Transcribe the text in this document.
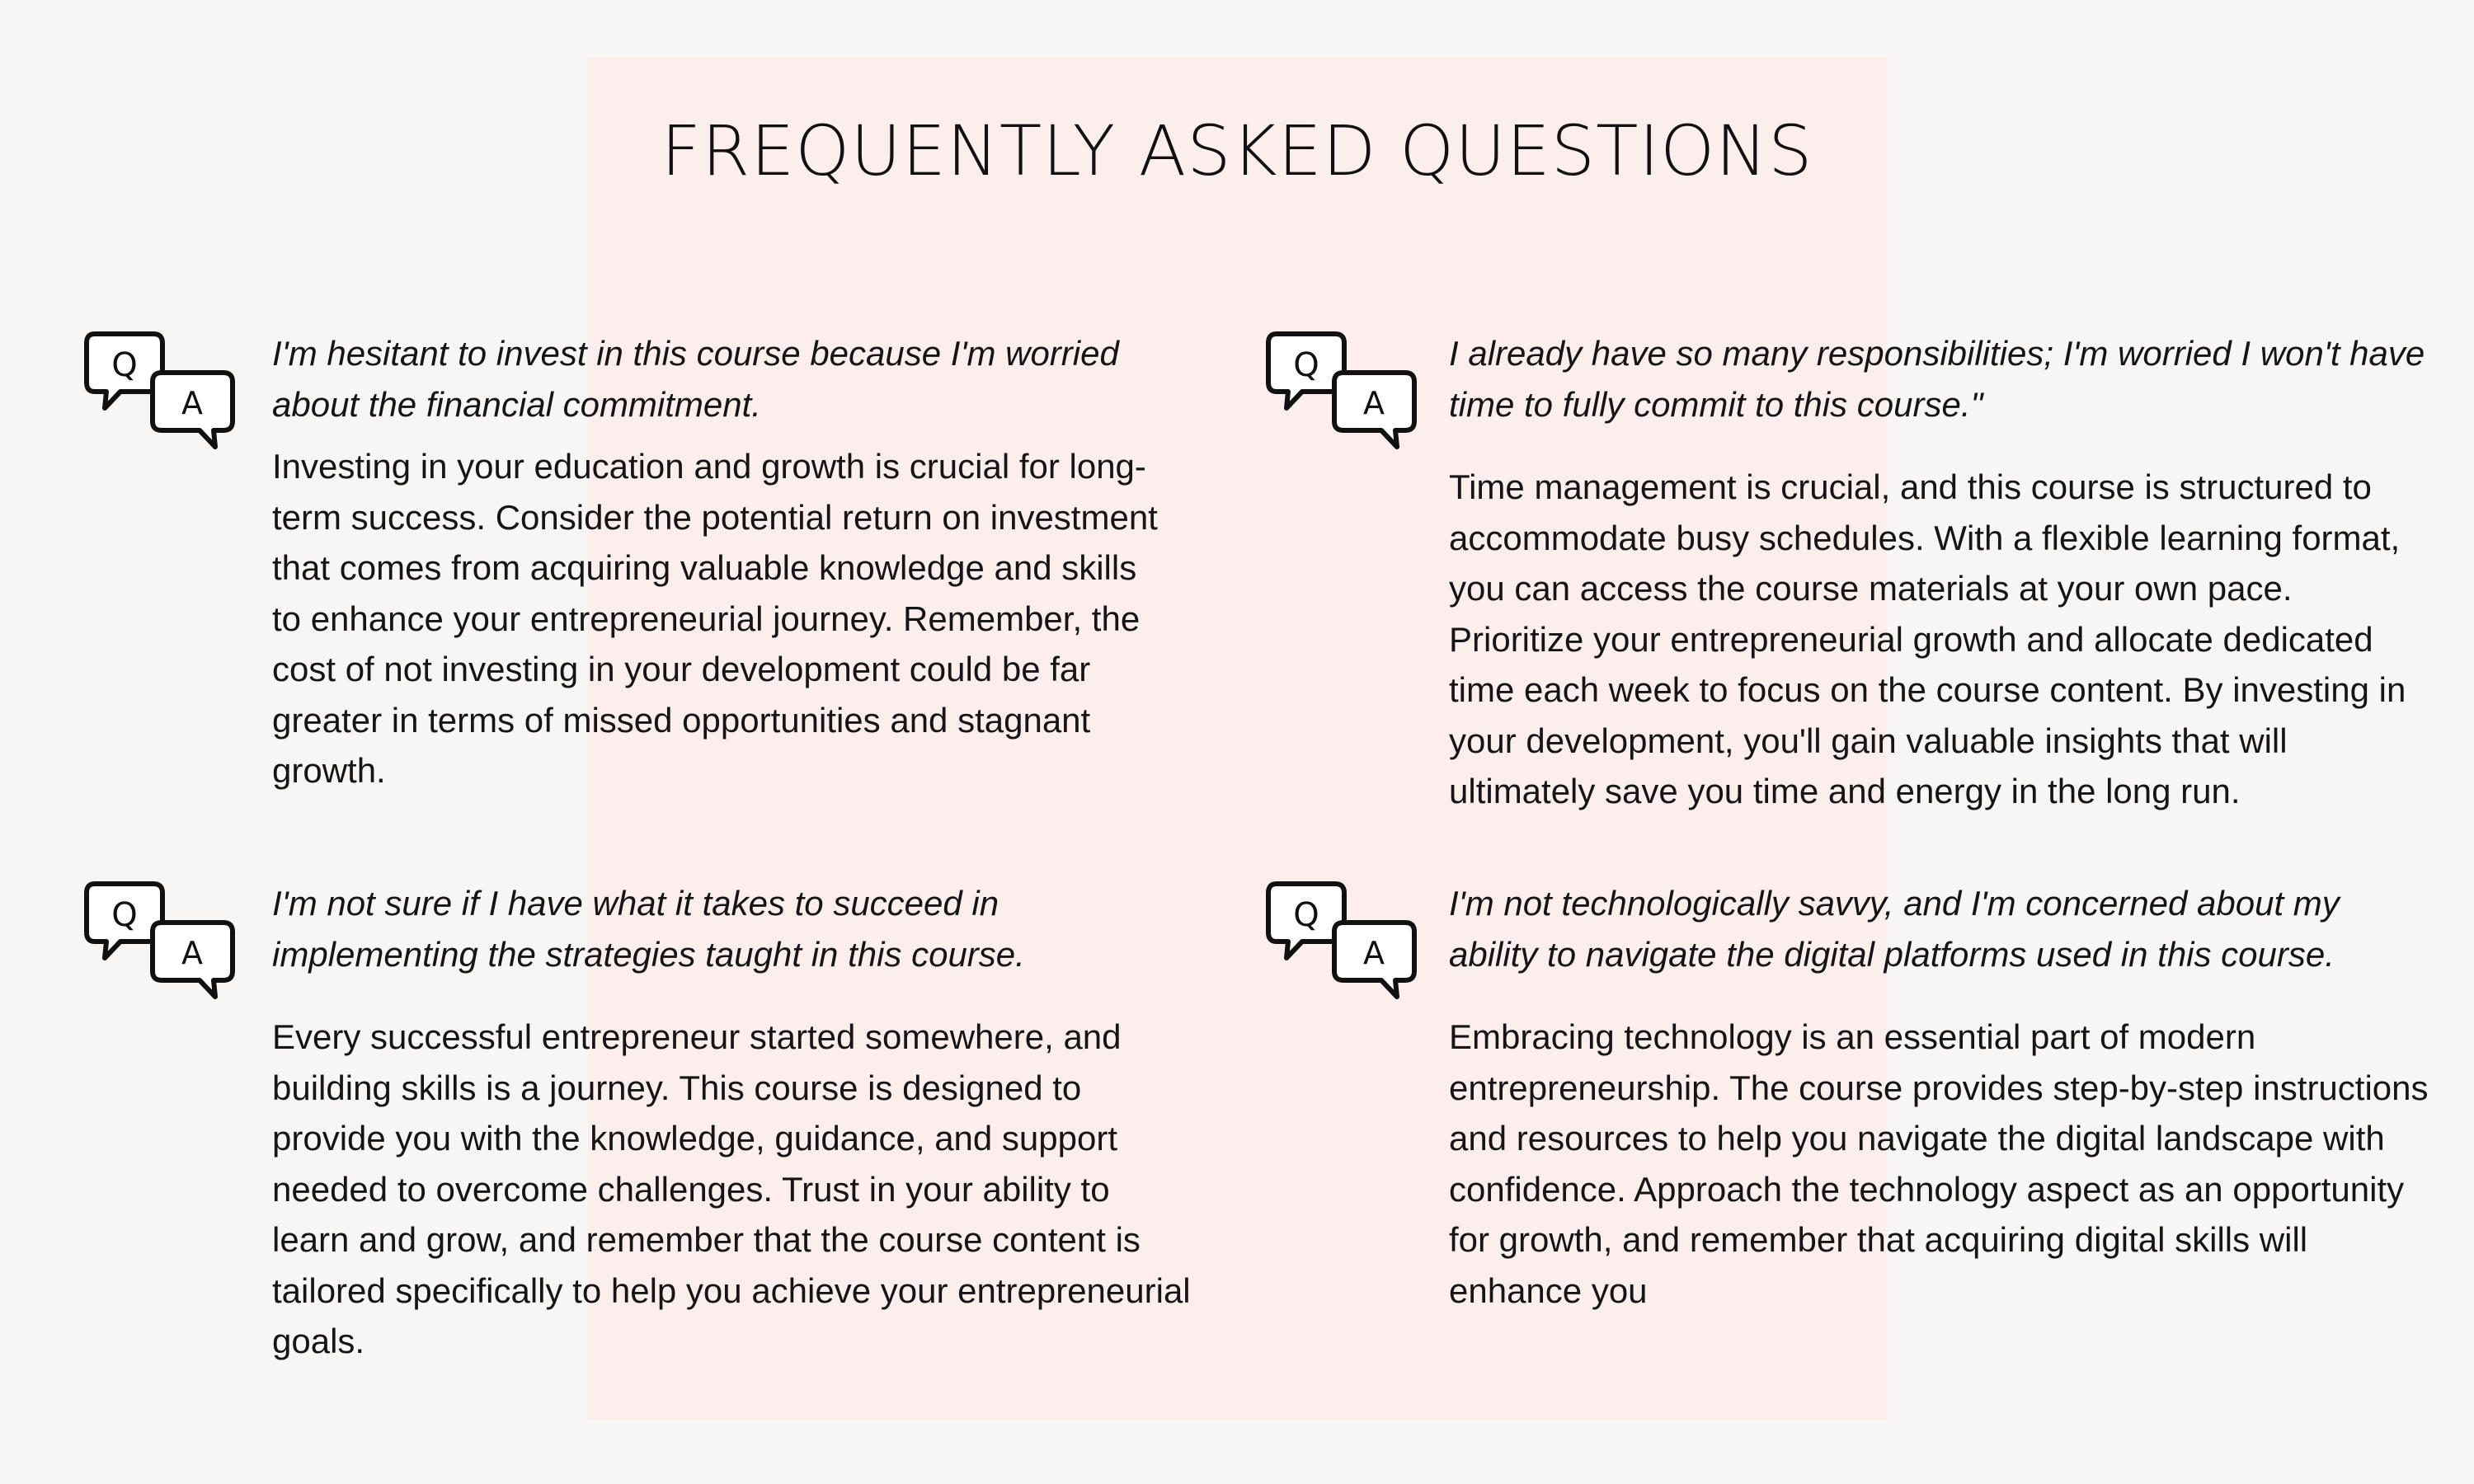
FREQUENTLY ASKED QUESTIONS
Q
A

I'm hesitant to invest in this course because I'm worried about the financial commitment.

Investing in your education and growth is crucial for long-term success. Consider the potential return on investment that comes from acquiring valuable knowledge and skills to enhance your entrepreneurial journey. Remember, the cost of not investing in your development could be far greater in terms of missed opportunities and stagnant growth.

Q
A

I already have so many responsibilities; I'm worried I won't have time to fully commit to this course."

Time management is crucial, and this course is structured to accommodate busy schedules. With a flexible learning format, you can access the course materials at your own pace. Prioritize your entrepreneurial growth and allocate dedicated time each week to focus on the course content. By investing in your development, you'll gain valuable insights that will ultimately save you time and energy in the long run.

Q
A

I'm not sure if I have what it takes to succeed in implementing the strategies taught in this course.

Every successful entrepreneur started somewhere, and building skills is a journey. This course is designed to provide you with the knowledge, guidance, and support needed to overcome challenges. Trust in your ability to learn and grow, and remember that the course content is tailored specifically to help you achieve your entrepreneurial goals.

Q
A

I'm not technologically savvy, and I'm concerned about my ability to navigate the digital platforms used in this course.

Embracing technology is an essential part of modern entrepreneurship. The course provides step-by-step instructions and resources to help you navigate the digital landscape with confidence. Approach the technology aspect as an opportunity for growth, and remember that acquiring digital skills will enhance you
